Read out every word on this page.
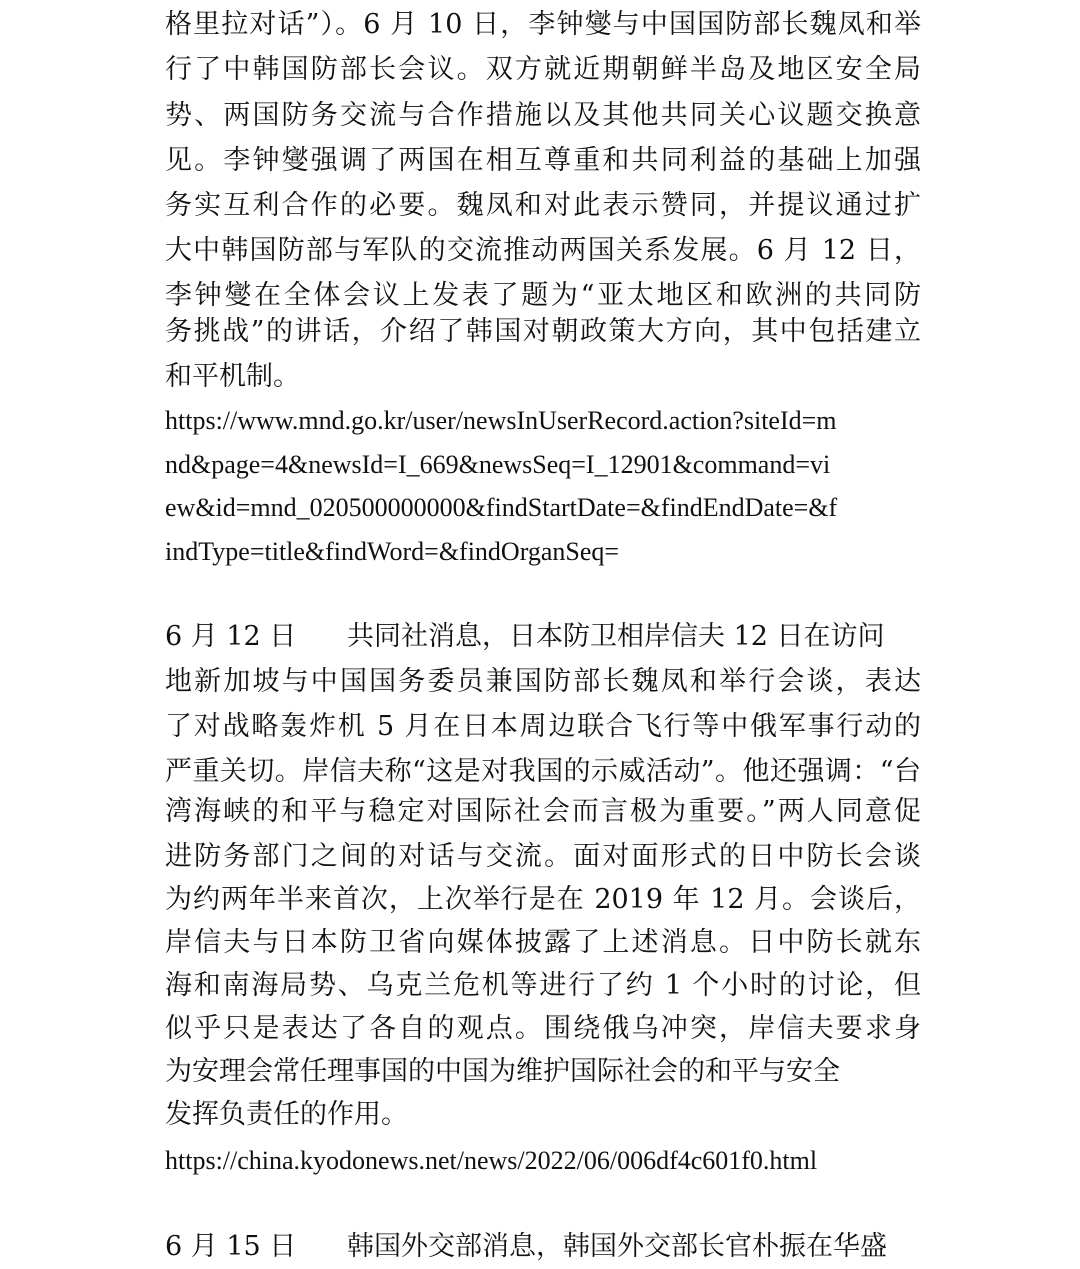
格里拉对话”）。6 月 10 日，李钟燮与中国国防部长魏凤和举
行了中韩国防部长会议。双方就近期朝鲜半岛及地区安全局
势、两国防务交流与合作措施以及其他共同关心议题交换意
见。李钟燮强调了两国在相互尊重和共同利益的基础上加强
务实互利合作的必要。魏凤和对此表示赞同，并提议通过扩
大中韩国防部与军队的交流推动两国关系发展。6 月 12 日，
李钟燮在全体会议上发表了题为“亚太地区和欧洲的共同防
务挑战”的讲话，介绍了韩国对朝政策大方向，其中包括建立
和平机制。
https://www.mnd.go.kr/user/newsInUserRecord.action?siteId=m
nd&page=4&newsId=I_669&newsSeq=I_12901&command=vi
ew&id=mnd_020500000000&findStartDate=&findEndDate=&f
indType=title&findWord=&findOrganSeq=
6 月 12 日 共同社消息，日本防卫相岸信夫 12 日在访问
地新加坡与中国国务委员兼国防部长魏凤和举行会谈，表达
了对战略轰炸机 5 月在日本周边联合飞行等中俄军事行动的
严重关切。岸信夫称“这是对我国的示威活动”。他还强调：“台
湾海峡的和平与稳定对国际社会而言极为重要。”两人同意促
进防务部门之间的对话与交流。面对面形式的日中防长会谈
为约两年半来首次，上次举行是在 2019 年 12 月。会谈后，
岸信夫与日本防卫省向媒体披露了上述消息。日中防长就东
海和南海局势、乌克兰危机等进行了约 1 个小时的讨论，但
似乎只是表达了各自的观点。围绕俄乌冲突，岸信夫要求身
为安理会常任理事国的中国为维护国际社会的和平与安全
发挥负责任的作用。
https://china.kyodonews.net/news/2022/06/006df4c601f0.html
6 月 15 日 韩国外交部消息，韩国外交部长官朴振在华盛
